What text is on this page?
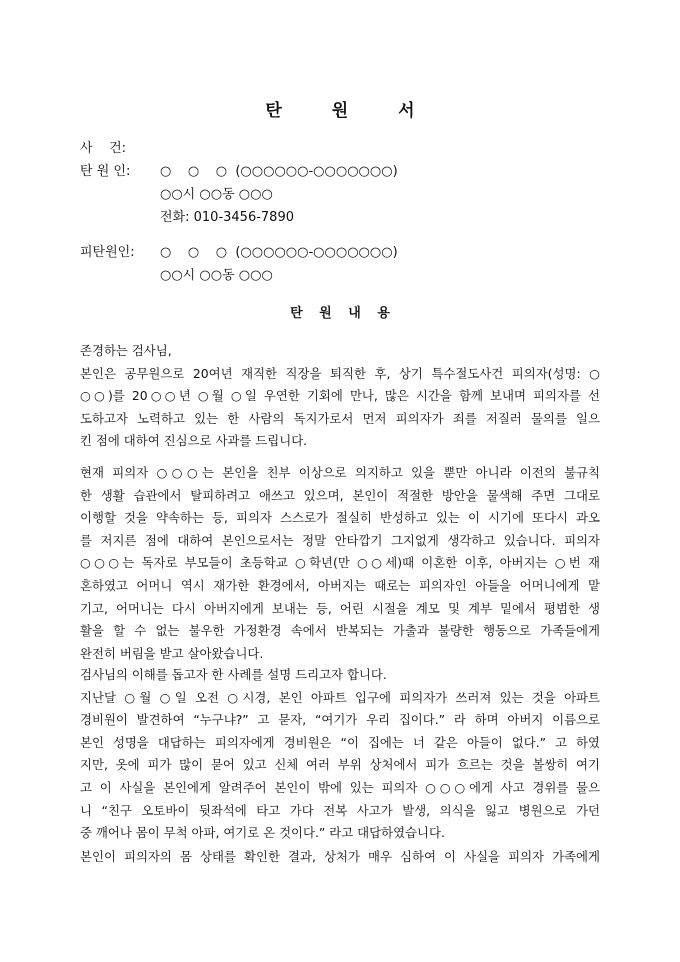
탄	원	서
사    건:
탄 원 인: ○    ○    ○  (○○○○○○-○○○○○○○)
○○시 ○○동 ○○○
전화: 010-3456-7890
피탄원인: ○    ○    ○  (○○○○○○-○○○○○○○)
○○시 ○○동 ○○○
탄 원 내 용
존경하는 검사님,
본인은 공무원으로 20여년 재직한 직장을 퇴직한 후, 상기 특수절도사건 피의자(성명: ○
○○)를 20○○년 ○월 ○일 우연한 기회에 만나, 많은 시간을 함께 보내며 피의자를 선
도하고자 노력하고 있는 한 사람의 독지가로서 먼저 피의자가 죄를 저질러 물의를 일으
킨 점에 대하여 진심으로 사과를 드립니다.
현재 피의자 ○○○는 본인을 친부 이상으로 의지하고 있을 뿐만 아니라 이전의 불규칙
한 생활 습관에서 탈피하려고 애쓰고 있으며, 본인이 적절한 방안을 물색해 주면 그대로
이행할 것을 약속하는 등, 피의자 스스로가 절실히 반성하고 있는 이 시기에 또다시 과오
를 저지른 점에 대하여 본인으로서는 정말 안타깝기 그지없게 생각하고 있습니다. 피의자
○○○는 독자로 부모들이 초등학교 ○학년(만 ○○세)때 이혼한 이후, 아버지는 ○번 재
혼하였고 어머니 역시 재가한 환경에서, 아버지는 때로는 피의자인 아들을 어머니에게 맡
기고, 어머니는 다시 아버지에게 보내는 등, 어린 시절을 계모 및 계부 밑에서 평범한 생
활을 할 수 없는 불우한 가정환경 속에서 반복되는 가출과 불량한 행동으로 가족들에게
완전히 버림을 받고 살아왔습니다.
검사님의 이해를 돕고자 한 사례를 설명 드리고자 합니다.
지난달 ○월 ○일 오전 ○시경, 본인 아파트 입구에 피의자가 쓰러져 있는 것을 아파트
경비원이 발견하여 “누구냐?” 고 묻자, “여기가 우리 집이다.” 라 하며 아버지 이름으로
본인 성명을 대답하는 피의자에게 경비원은 “이 집에는 너 같은 아들이 없다.” 고 하였
지만, 옷에 피가 많이 묻어 있고 신체 여러 부위 상처에서 피가 흐르는 것을 볼쌍히 여기
고 이 사실을 본인에게 알려주어 본인이 밖에 있는 피의자 ○○○에게 사고 경위를 물으
니 “친구 오토바이 뒷좌석에 타고 가다 전복 사고가 발생, 의식을 잃고 병원으로 가던
중 깨어나 몸이 무척 아파, 여기로 온 것이다.” 라고 대답하였습니다.
본인이 피의자의 몸 상태를 확인한 결과, 상처가 매우 심하여 이 사실을 피의자 가족에게
